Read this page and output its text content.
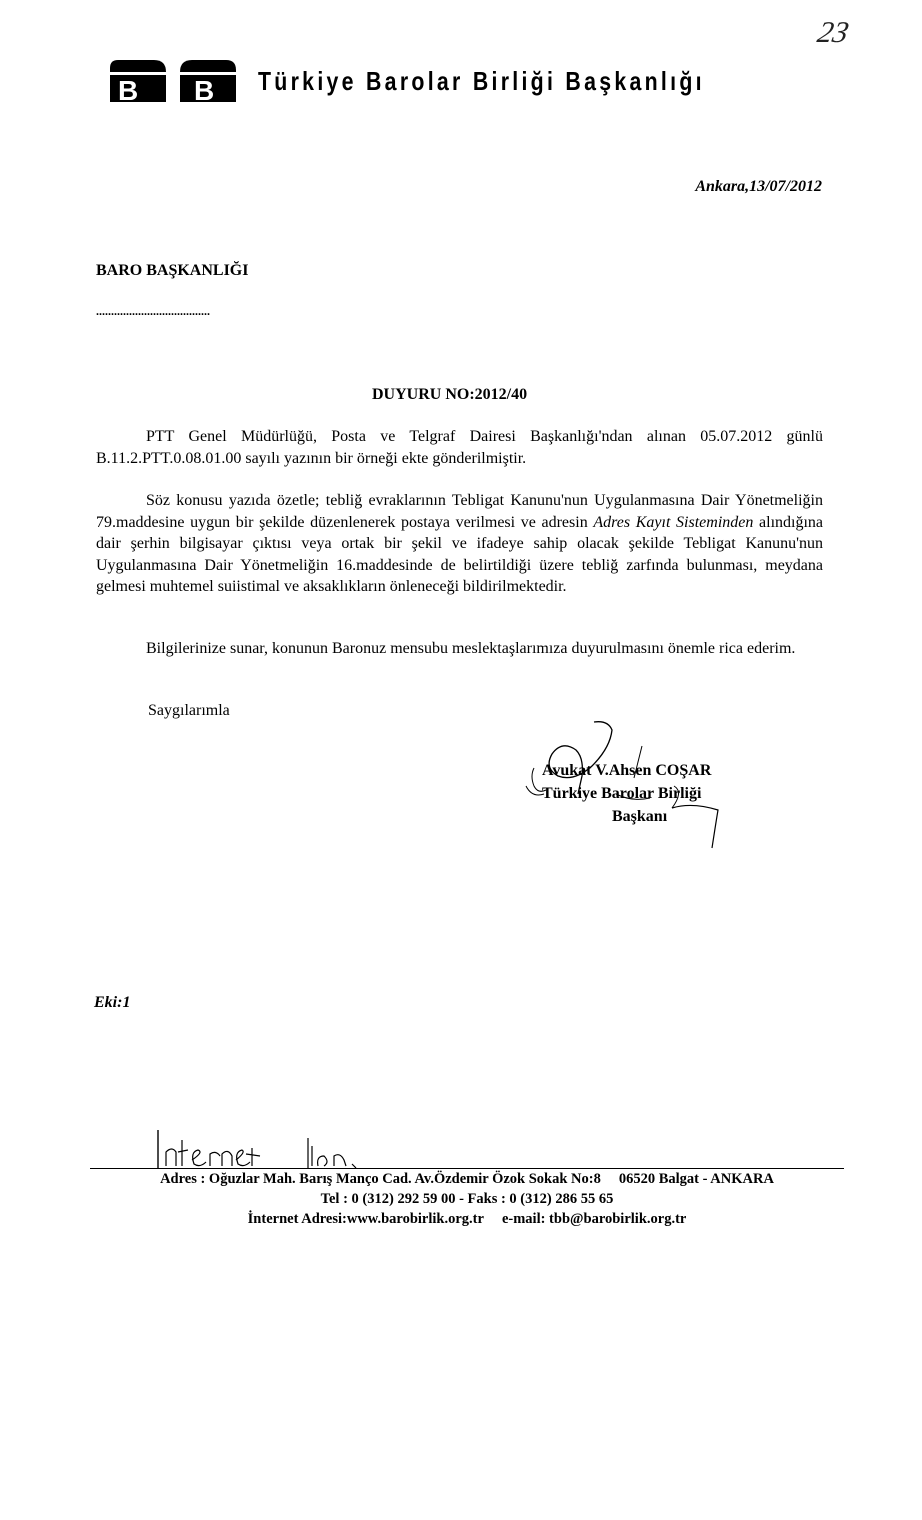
B B Türkiye Barolar Birliği Başkanlığı
23
Ankara,13/07/2012
BARO BAŞKANLIĞI
......................................
DUYURU NO:2012/40

PTT Genel Müdürlüğü, Posta ve Telgraf Dairesi Başkanlığı'ndan alınan 05.07.2012 günlü B.11.2.PTT.0.08.01.00 sayılı yazının bir örneği ekte gönderilmiştir.

Söz konusu yazıda özetle; tebliğ evraklarının Tebligat Kanunu'nun Uygulanmasına Dair Yönetmeliğin 79.maddesine uygun bir şekilde düzenlenerek postaya verilmesi ve adresin Adres Kayıt Sisteminden alındığına dair şerhin bilgisayar çıktısı veya ortak bir şekil ve ifadeye sahip olacak şekilde Tebligat Kanunu'nun Uygulanmasına Dair Yönetmeliğin 16.maddesinde de belirtildiği üzere tebliğ zarfında bulunması, meydana gelmesi muhtemel suiistimal ve aksaklıkların önleneceği bildirilmektedir.

Bilgilerinize sunar, konunun Baronuz mensubu meslektaşlarımıza duyurulmasını önemle rica ederim.

Saygılarımla
Avukat V.Ahsen COŞAR
Türkiye Barolar Birliği
Başkanı
Eki:1
Adres : Oğuzlar Mah. Barış Manço Cad. Av.Özdemir Özok Sokak No:8 06520 Balgat - ANKARA
Tel : 0 (312) 292 59 00 - Faks : 0 (312) 286 55 65
İnternet Adresi:www.barobirlik.org.tr e-mail: tbb@barobirlik.org.tr
